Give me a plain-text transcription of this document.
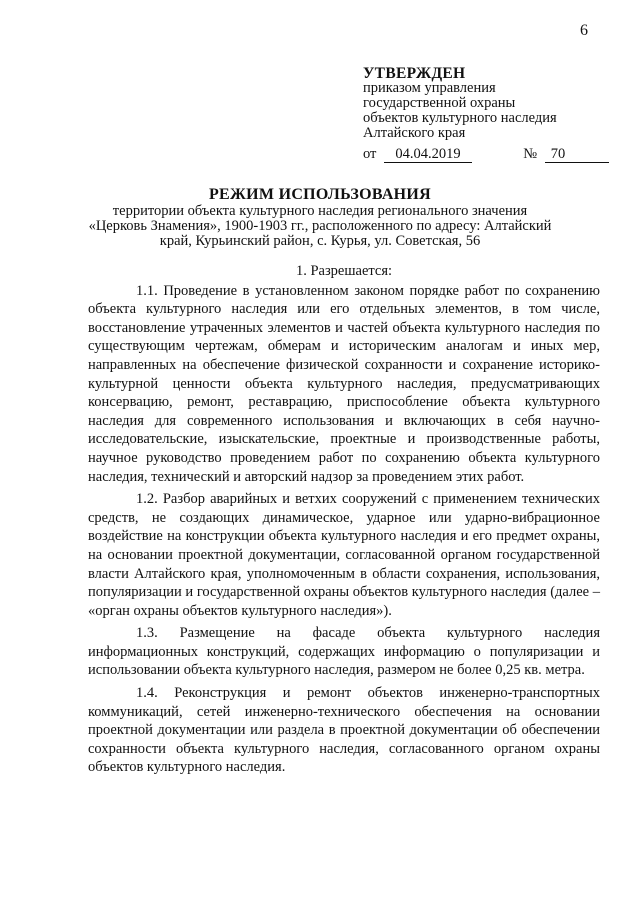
6
УТВЕРЖДЕН
приказом управления
государственной охраны
объектов культурного наследия
Алтайского края
от 04.04.2019	№ 70
РЕЖИМ ИСПОЛЬЗОВАНИЯ
территории объекта культурного наследия регионального значения «Церковь Знамения», 1900-1903 гг., расположенного по адресу: Алтайский край, Курьинский район, с. Курья, ул. Советская, 56
1. Разрешается:

1.1. Проведение в установленном законом порядке работ по сохранению объекта культурного наследия или его отдельных элементов, в том числе, восстановление утраченных элементов и частей объекта культурного наследия по существующим чертежам, обмерам и историческим аналогам и иных мер, направленных на обеспечение физической сохранности и сохранение историко-культурной ценности объекта культурного наследия, предусматривающих консервацию, ремонт, реставрацию, приспособление объекта культурного наследия для современного использования и включающих в себя научно-исследовательские, изыскательские, проектные и производственные работы, научное руководство проведением работ по сохранению объекта культурного наследия, технический и авторский надзор за проведением этих работ.

1.2. Разбор аварийных и ветхих сооружений с применением технических средств, не создающих динамическое, ударное или ударно-вибрационное воздействие на конструкции объекта культурного наследия и его предмет охраны, на основании проектной документации, согласованной органом государственной власти Алтайского края, уполномоченным в области сохранения, использования, популяризации и государственной охраны объектов культурного наследия (далее – «орган охраны объектов культурного наследия»).

1.3. Размещение на фасаде объекта культурного наследия информационных конструкций, содержащих информацию о популяризации и использовании объекта культурного наследия, размером не более 0,25 кв. метра.

1.4. Реконструкция и ремонт объектов инженерно-транспортных коммуникаций, сетей инженерно-технического обеспечения на основании проектной документации или раздела в проектной документации об обеспечении сохранности объекта культурного наследия, согласованного органом охраны объектов культурного наследия.
